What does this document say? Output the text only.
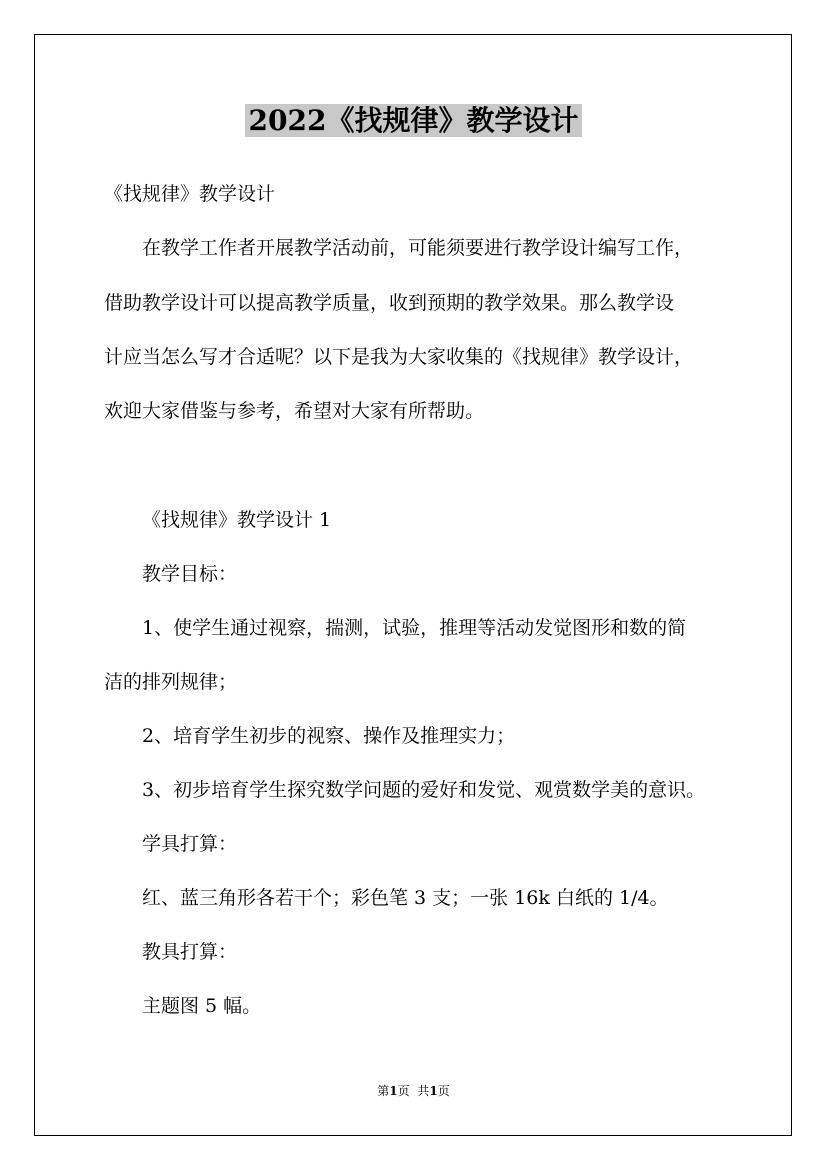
2022《找规律》教学设计
《找规律》教学设计
在教学工作者开展教学活动前，可能须要进行教学设计编写工作，
借助教学设计可以提高教学质量，收到预期的教学效果。那么教学设
计应当怎么写才合适呢？以下是我为大家收集的《找规律》教学设计，
欢迎大家借鉴与参考，希望对大家有所帮助。
《找规律》教学设计 1
教学目标：
1、使学生通过视察，揣测，试验，推理等活动发觉图形和数的简
洁的排列规律；
2、培育学生初步的视察、操作及推理实力；
3、初步培育学生探究数学问题的爱好和发觉、观赏数学美的意识。
学具打算：
红、蓝三角形各若干个；彩色笔 3 支；一张 16k 白纸的 1/4。
教具打算：
主题图 5 幅。
第1页 共1页
